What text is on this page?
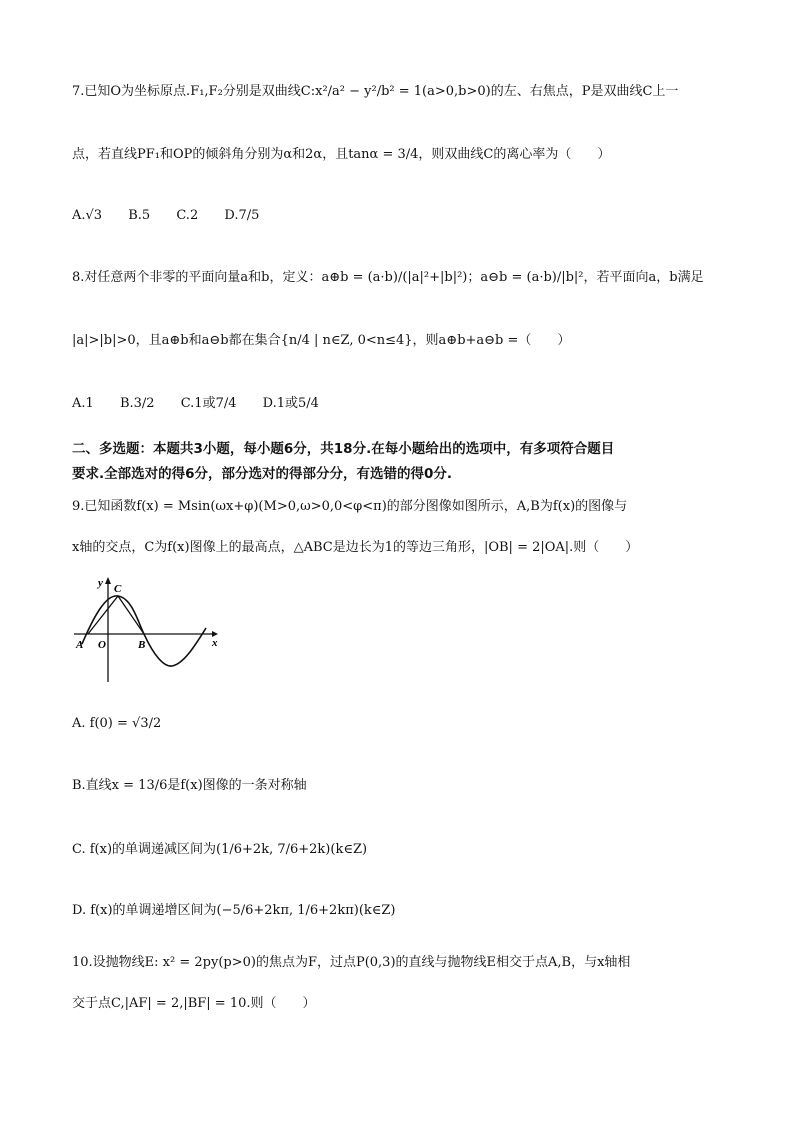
7.已知O为坐标原点.F₁,F₂分别是双曲线C:x²/a² − y²/b² = 1(a>0,b>0)的左、右焦点，P是双曲线C上一
点，若直线PF₁和OP的倾斜角分别为α和2α，且tanα = 3/4，则双曲线C的离心率为（　　）
A.√3 B.5 C.2 D.7/5
8.对任意两个非零的平面向量a和b，定义：a⊕b = (a·b)/(|a|²+|b|²)；a⊖b = (a·b)/|b|²，若平面向a，b满足
|a|>|b|>0，且a⊕b和a⊖b都在集合{n/4 | n∈Z, 0<n≤4}，则a⊕b+a⊖b =（　　）
A.1 B.3/2 C.1或7/4 D.1或5/4
二、多选题：本题共3小题，每小题6分，共18分.在每小题给出的选项中，有多项符合题目
要求.全部选对的得6分，部分选对的得部分分，有选错的得0分.
9.已知函数f(x) = Msin(ωx+φ)(M>0,ω>0,0<φ<π)的部分图像如图所示，A,B为f(x)的图像与
x轴的交点，C为f(x)图像上的最高点，△ABC是边长为1的等边三角形，|OB| = 2|OA|.则（　　）
y C
A O	B	x
A. f(0) = √3/2
B.直线x = 13/6是f(x)图像的一条对称轴
C. f(x)的单调递减区间为(1/6+2k, 7/6+2k)(k∈Z)
D. f(x)的单调递增区间为(−5/6+2kπ, 1/6+2kπ)(k∈Z)
10.设抛物线E: x² = 2py(p>0)的焦点为F，过点P(0,3)的直线与抛物线E相交于点A,B，与x轴相
交于点C,|AF| = 2,|BF| = 10.则（　　）
